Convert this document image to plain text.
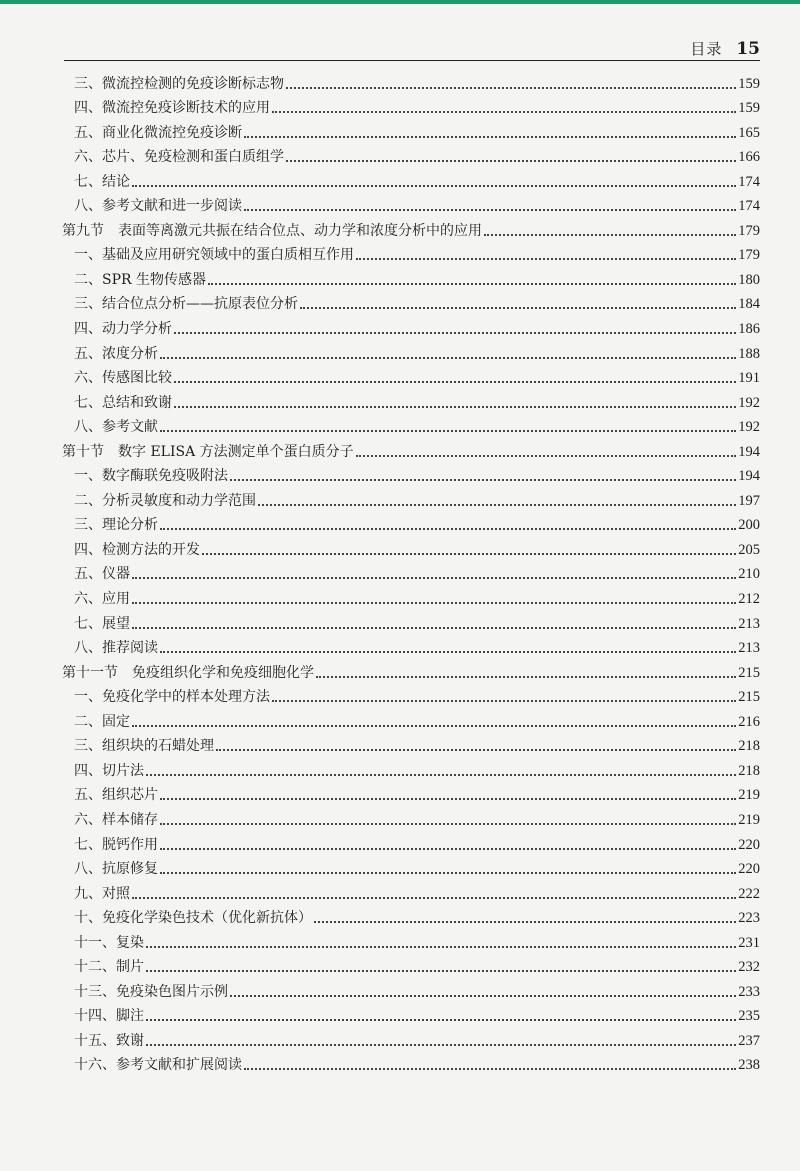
目录 15
三、微流控检测的免疫诊断标志物	159
四、微流控免疫诊断技术的应用	159
五、商业化微流控免疫诊断	165
六、芯片、免疫检测和蛋白质组学	166
七、结论	174
八、参考文献和进一步阅读	174
第九节　表面等离激元共振在结合位点、动力学和浓度分析中的应用	179
一、基础及应用研究领域中的蛋白质相互作用	179
二、SPR 生物传感器	180
三、结合位点分析——抗原表位分析	184
四、动力学分析	186
五、浓度分析	188
六、传感图比较	191
七、总结和致谢	192
八、参考文献	192
第十节　数字 ELISA 方法测定单个蛋白质分子	194
一、数字酶联免疫吸附法	194
二、分析灵敏度和动力学范围	197
三、理论分析	200
四、检测方法的开发	205
五、仪器	210
六、应用	212
七、展望	213
八、推荐阅读	213
第十一节　免疫组织化学和免疫细胞化学	215
一、免疫化学中的样本处理方法	215
二、固定	216
三、组织块的石蜡处理	218
四、切片法	218
五、组织芯片	219
六、样本储存	219
七、脱钙作用	220
八、抗原修复	220
九、对照	222
十、免疫化学染色技术（优化新抗体）	223
十一、复染	231
十二、制片	232
十三、免疫染色图片示例	233
十四、脚注	235
十五、致谢	237
十六、参考文献和扩展阅读	238
